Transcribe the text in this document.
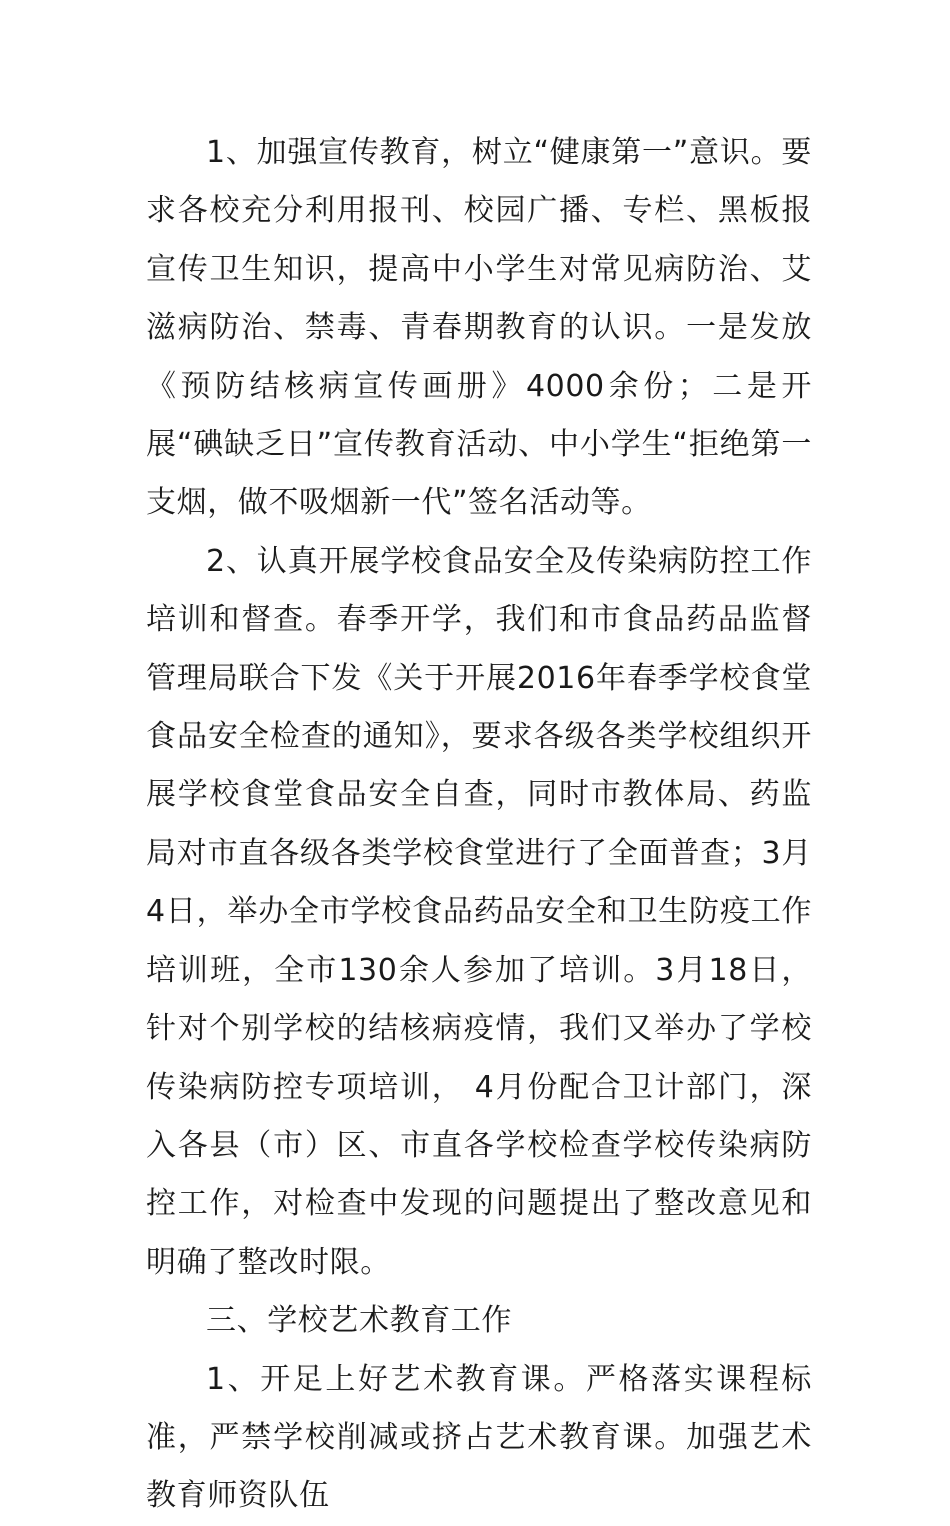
1、加强宣传教育，树立“健康第一”意识。要求各校充分利用报刊、校园广播、专栏、黑板报宣传卫生知识，提高中小学生对常见病防治、艾滋病防治、禁毒、青春期教育的认识。一是发放《预防结核病宣传画册》4000余份；二是开展“碘缺乏日”宣传教育活动、中小学生“拒绝第一支烟，做不吸烟新一代”签名活动等。

2、认真开展学校食品安全及传染病防控工作培训和督查。春季开学，我们和市食品药品监督管理局联合下发《关于开展2016年春季学校食堂食品安全检查的通知》，要求各级各类学校组织开展学校食堂食品安全自查，同时市教体局、药监局对市直各级各类学校食堂进行了全面普查；3月4日，举办全市学校食品药品安全和卫生防疫工作培训班，全市130余人参加了培训。3月18日，针对个别学校的结核病疫情，我们又举办了学校传染病防控专项培训， 4月份配合卫计部门，深入各县（市）区、市直各学校检查学校传染病防控工作，对检查中发现的问题提出了整改意见和明确了整改时限。

三、学校艺术教育工作

1、开足上好艺术教育课。严格落实课程标准，严禁学校削减或挤占艺术教育课。加强艺术教育师资队伍
